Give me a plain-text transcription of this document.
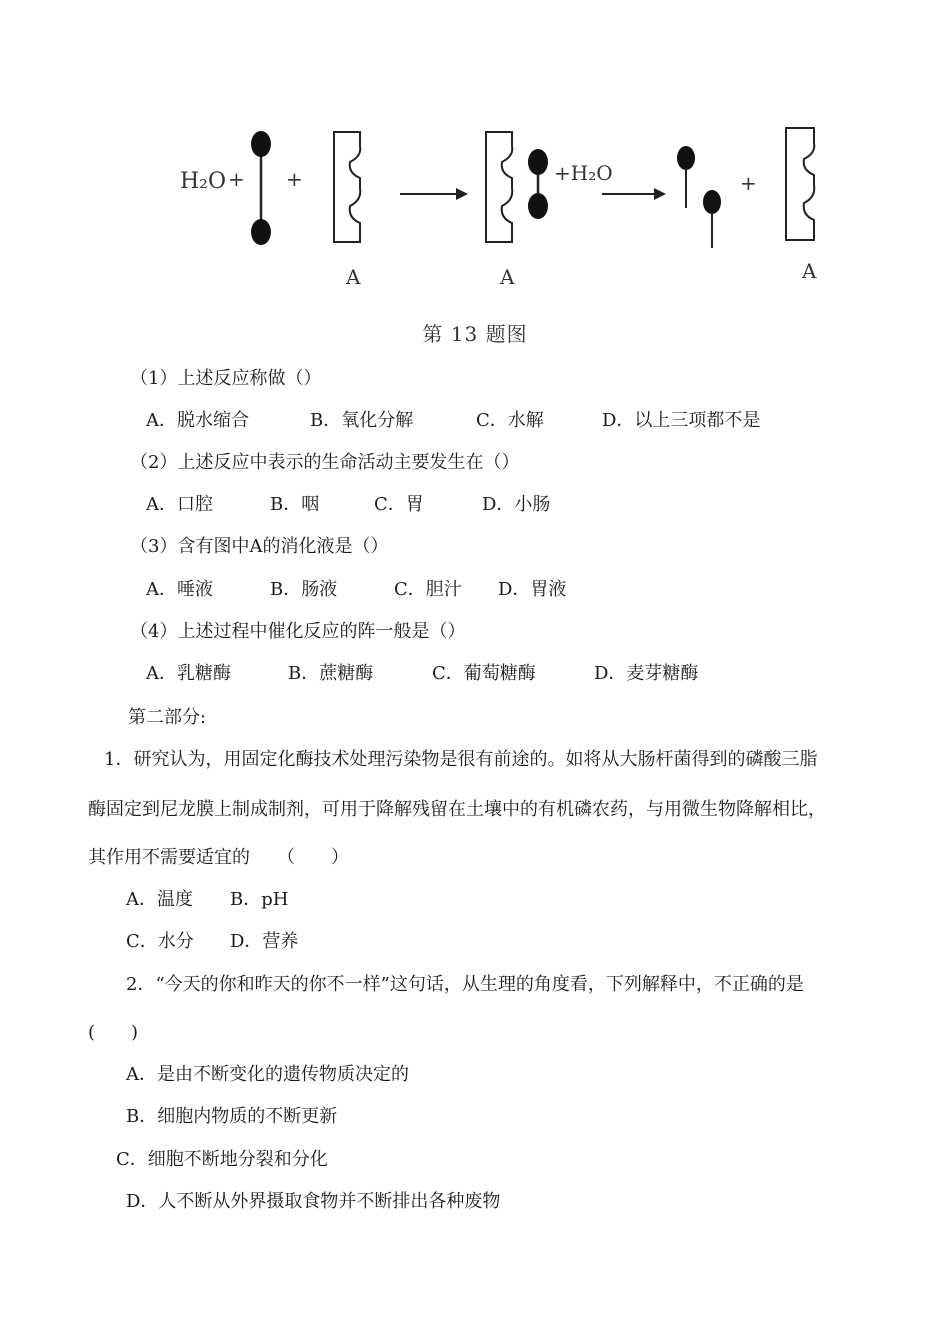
H₂O + +
A	A
+H₂O	+
A
第 13 题图
（1）上述反应称做（）
A．脱水缩合	B．氧化分解	C．水解	D．以上三项都不是
（2）上述反应中表示的生命活动主要发生在（）
A．口腔	B．咽	C．胃	D．小肠
（3）含有图中A的消化液是（）
A．唾液	B．肠液	C．胆汁 D．胃液
（4）上述过程中催化反应的阵一般是（）
A．乳糖酶	B．蔗糖酶	C．葡萄糖酶	D．麦芽糖酶
第二部分:
1．研究认为，用固定化酶技术处理污染物是很有前途的。如将从大肠杆菌得到的磷酸三脂
酶固定到尼龙膜上制成制剂，可用于降解残留在土壤中的有机磷农药，与用微生物降解相比，
其作用不需要适宜的　　（　　）
A．温度 B．pH
C．水分 D．营养
2．“今天的你和昨天的你不一样”这句话，从生理的角度看，下列解释中，不正确的是
(　　)
A．是由不断变化的遗传物质决定的
B．细胞内物质的不断更新
C．细胞不断地分裂和分化
D．人不断从外界摄取食物并不断排出各种废物
